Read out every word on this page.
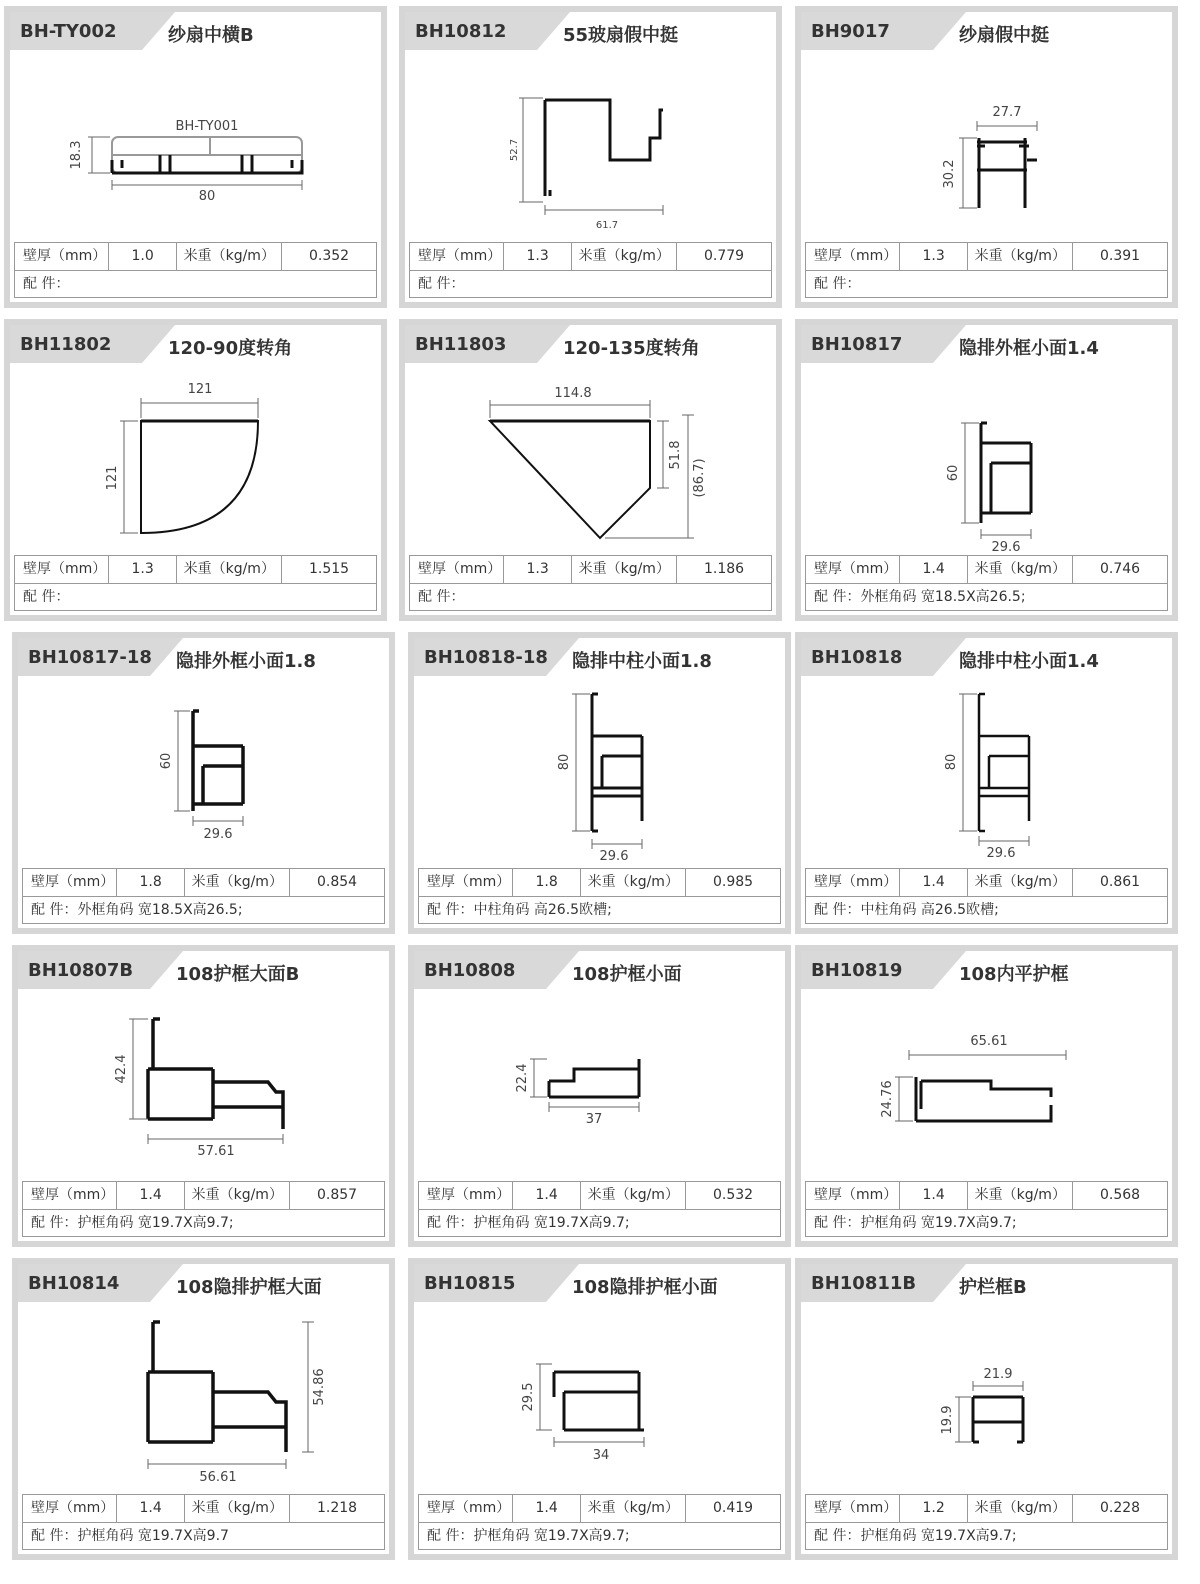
BH-TY002	纱扇中横B
18.3
80
BH-TY001
壁厚（mm）	1.0	米重（kg/m）	0.352
配 件：
BH10812	55玻扇假中挺
52.7
61.7
壁厚（mm）	1.3	米重（kg/m）	0.779
配 件：
BH9017	纱扇假中挺
27.7
30.2
壁厚（mm）	1.3	米重（kg/m）	0.391
配 件：
BH11802	120-90度转角
121
121
壁厚（mm）	1.3	米重（kg/m）	1.515
配 件：
BH11803	120-135度转角
114.8
51.8
(86.7)
壁厚（mm）	1.3	米重（kg/m）	1.186
配 件：
BH10817	隐排外框小面1.4
60
29.6
壁厚（mm）	1.4	米重（kg/m）	0.746
配 件：外框角码 宽18.5X高26.5;
BH10817-18 隐排外框小面1.8
60
29.6
壁厚（mm）	1.8	米重（kg/m）	0.854
配 件：外框角码 宽18.5X高26.5;
BH10818-18 隐排中柱小面1.8
80
29.6
壁厚（mm）	1.8	米重（kg/m）	0.985
配 件：中柱角码 高26.5欧槽;
BH10818	隐排中柱小面1.4
80
29.6
壁厚（mm）	1.4	米重（kg/m）	0.861
配 件：中柱角码 高26.5欧槽;
BH10807B 108护框大面B
42.4
57.61
壁厚（mm）	1.4	米重（kg/m）	0.857
配 件：护框角码 宽19.7X高9.7;
BH10808	108护框小面
22.4
37
壁厚（mm）	1.4	米重（kg/m）	0.532
配 件：护框角码 宽19.7X高9.7;
BH10819	108内平护框
65.61
24.76
壁厚（mm）	1.4	米重（kg/m）	0.568
配 件：护框角码 宽19.7X高9.7;
BH10814	108隐排护框大面
54.86
56.61
壁厚（mm）	1.4	米重（kg/m）	1.218
配 件：护框角码 宽19.7X高9.7
BH10815	108隐排护框小面
29.5
34
壁厚（mm）	1.4	米重（kg/m）	0.419
配 件：护框角码 宽19.7X高9.7;
BH10811B 护栏框B
21.9
19.9
壁厚（mm）	1.2	米重（kg/m）	0.228
配 件：护框角码 宽19.7X高9.7;
